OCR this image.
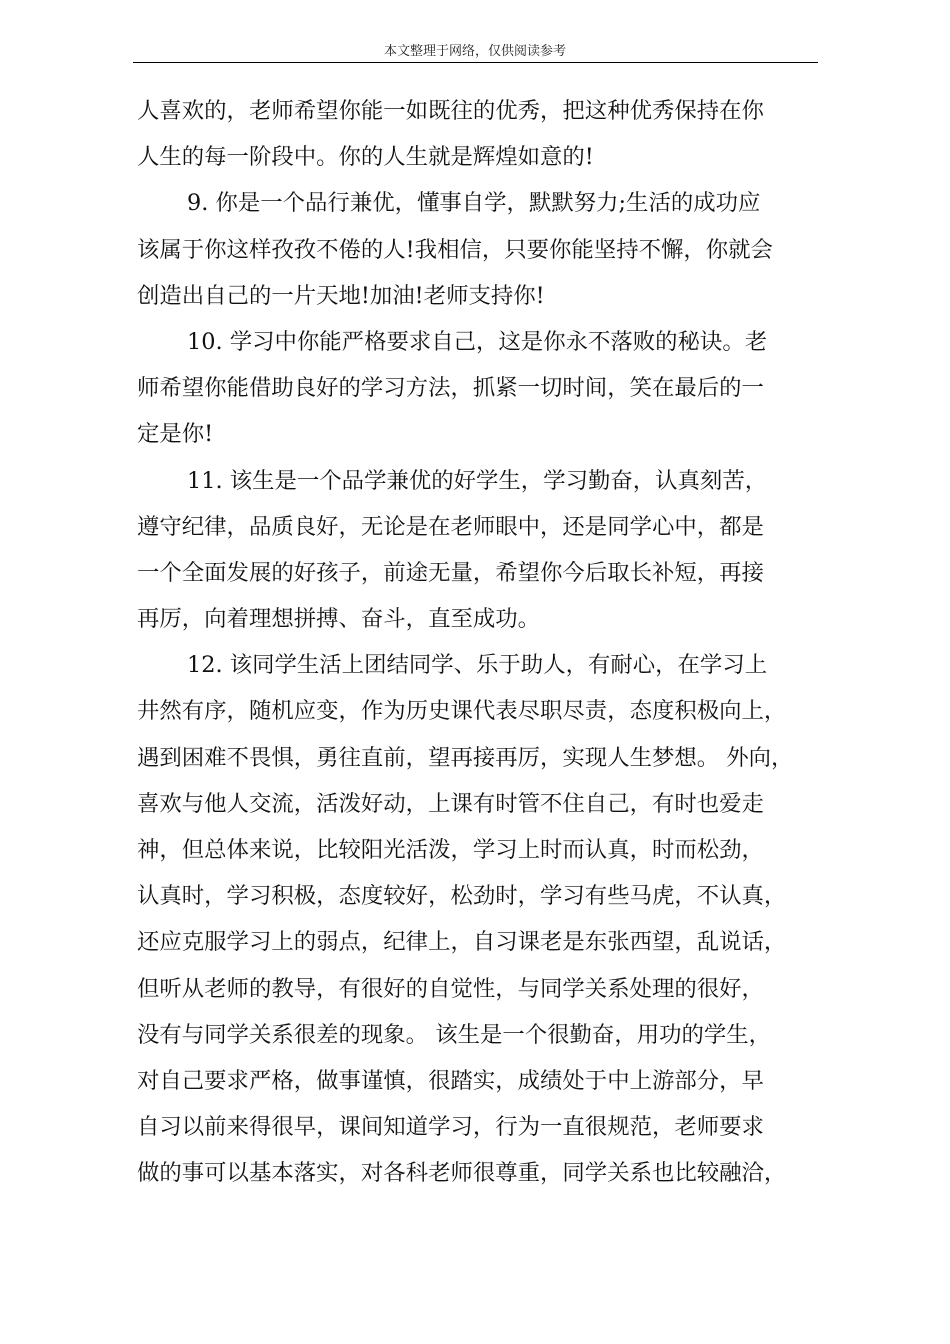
本文整理于网络，仅供阅读参考
人喜欢的，老师希望你能一如既往的优秀，把这种优秀保持在你
人生的每一阶段中。你的人生就是辉煌如意的!
9. 你是一个品行兼优，懂事自学，默默努力;生活的成功应
该属于你这样孜孜不倦的人!我相信，只要你能坚持不懈，你就会
创造出自己的一片天地!加油!老师支持你!
10. 学习中你能严格要求自己，这是你永不落败的秘诀。老
师希望你能借助良好的学习方法，抓紧一切时间，笑在最后的一
定是你!
11. 该生是一个品学兼优的好学生，学习勤奋，认真刻苦，
遵守纪律，品质良好，无论是在老师眼中，还是同学心中，都是
一个全面发展的好孩子，前途无量，希望你今后取长补短，再接
再厉，向着理想拼搏、奋斗，直至成功。
12. 该同学生活上团结同学、乐于助人，有耐心，在学习上
井然有序，随机应变，作为历史课代表尽职尽责，态度积极向上，
遇到困难不畏惧，勇往直前，望再接再厉，实现人生梦想。 外向，
喜欢与他人交流，活泼好动，上课有时管不住自己，有时也爱走
神，但总体来说，比较阳光活泼，学习上时而认真，时而松劲，
认真时，学习积极，态度较好，松劲时，学习有些马虎，不认真，
还应克服学习上的弱点，纪律上，自习课老是东张西望，乱说话，
但听从老师的教导，有很好的自觉性，与同学关系处理的很好，
没有与同学关系很差的现象。 该生是一个很勤奋，用功的学生，
对自己要求严格，做事谨慎，很踏实，成绩处于中上游部分，早
自习以前来得很早，课间知道学习，行为一直很规范，老师要求
做的事可以基本落实，对各科老师很尊重，同学关系也比较融洽，
